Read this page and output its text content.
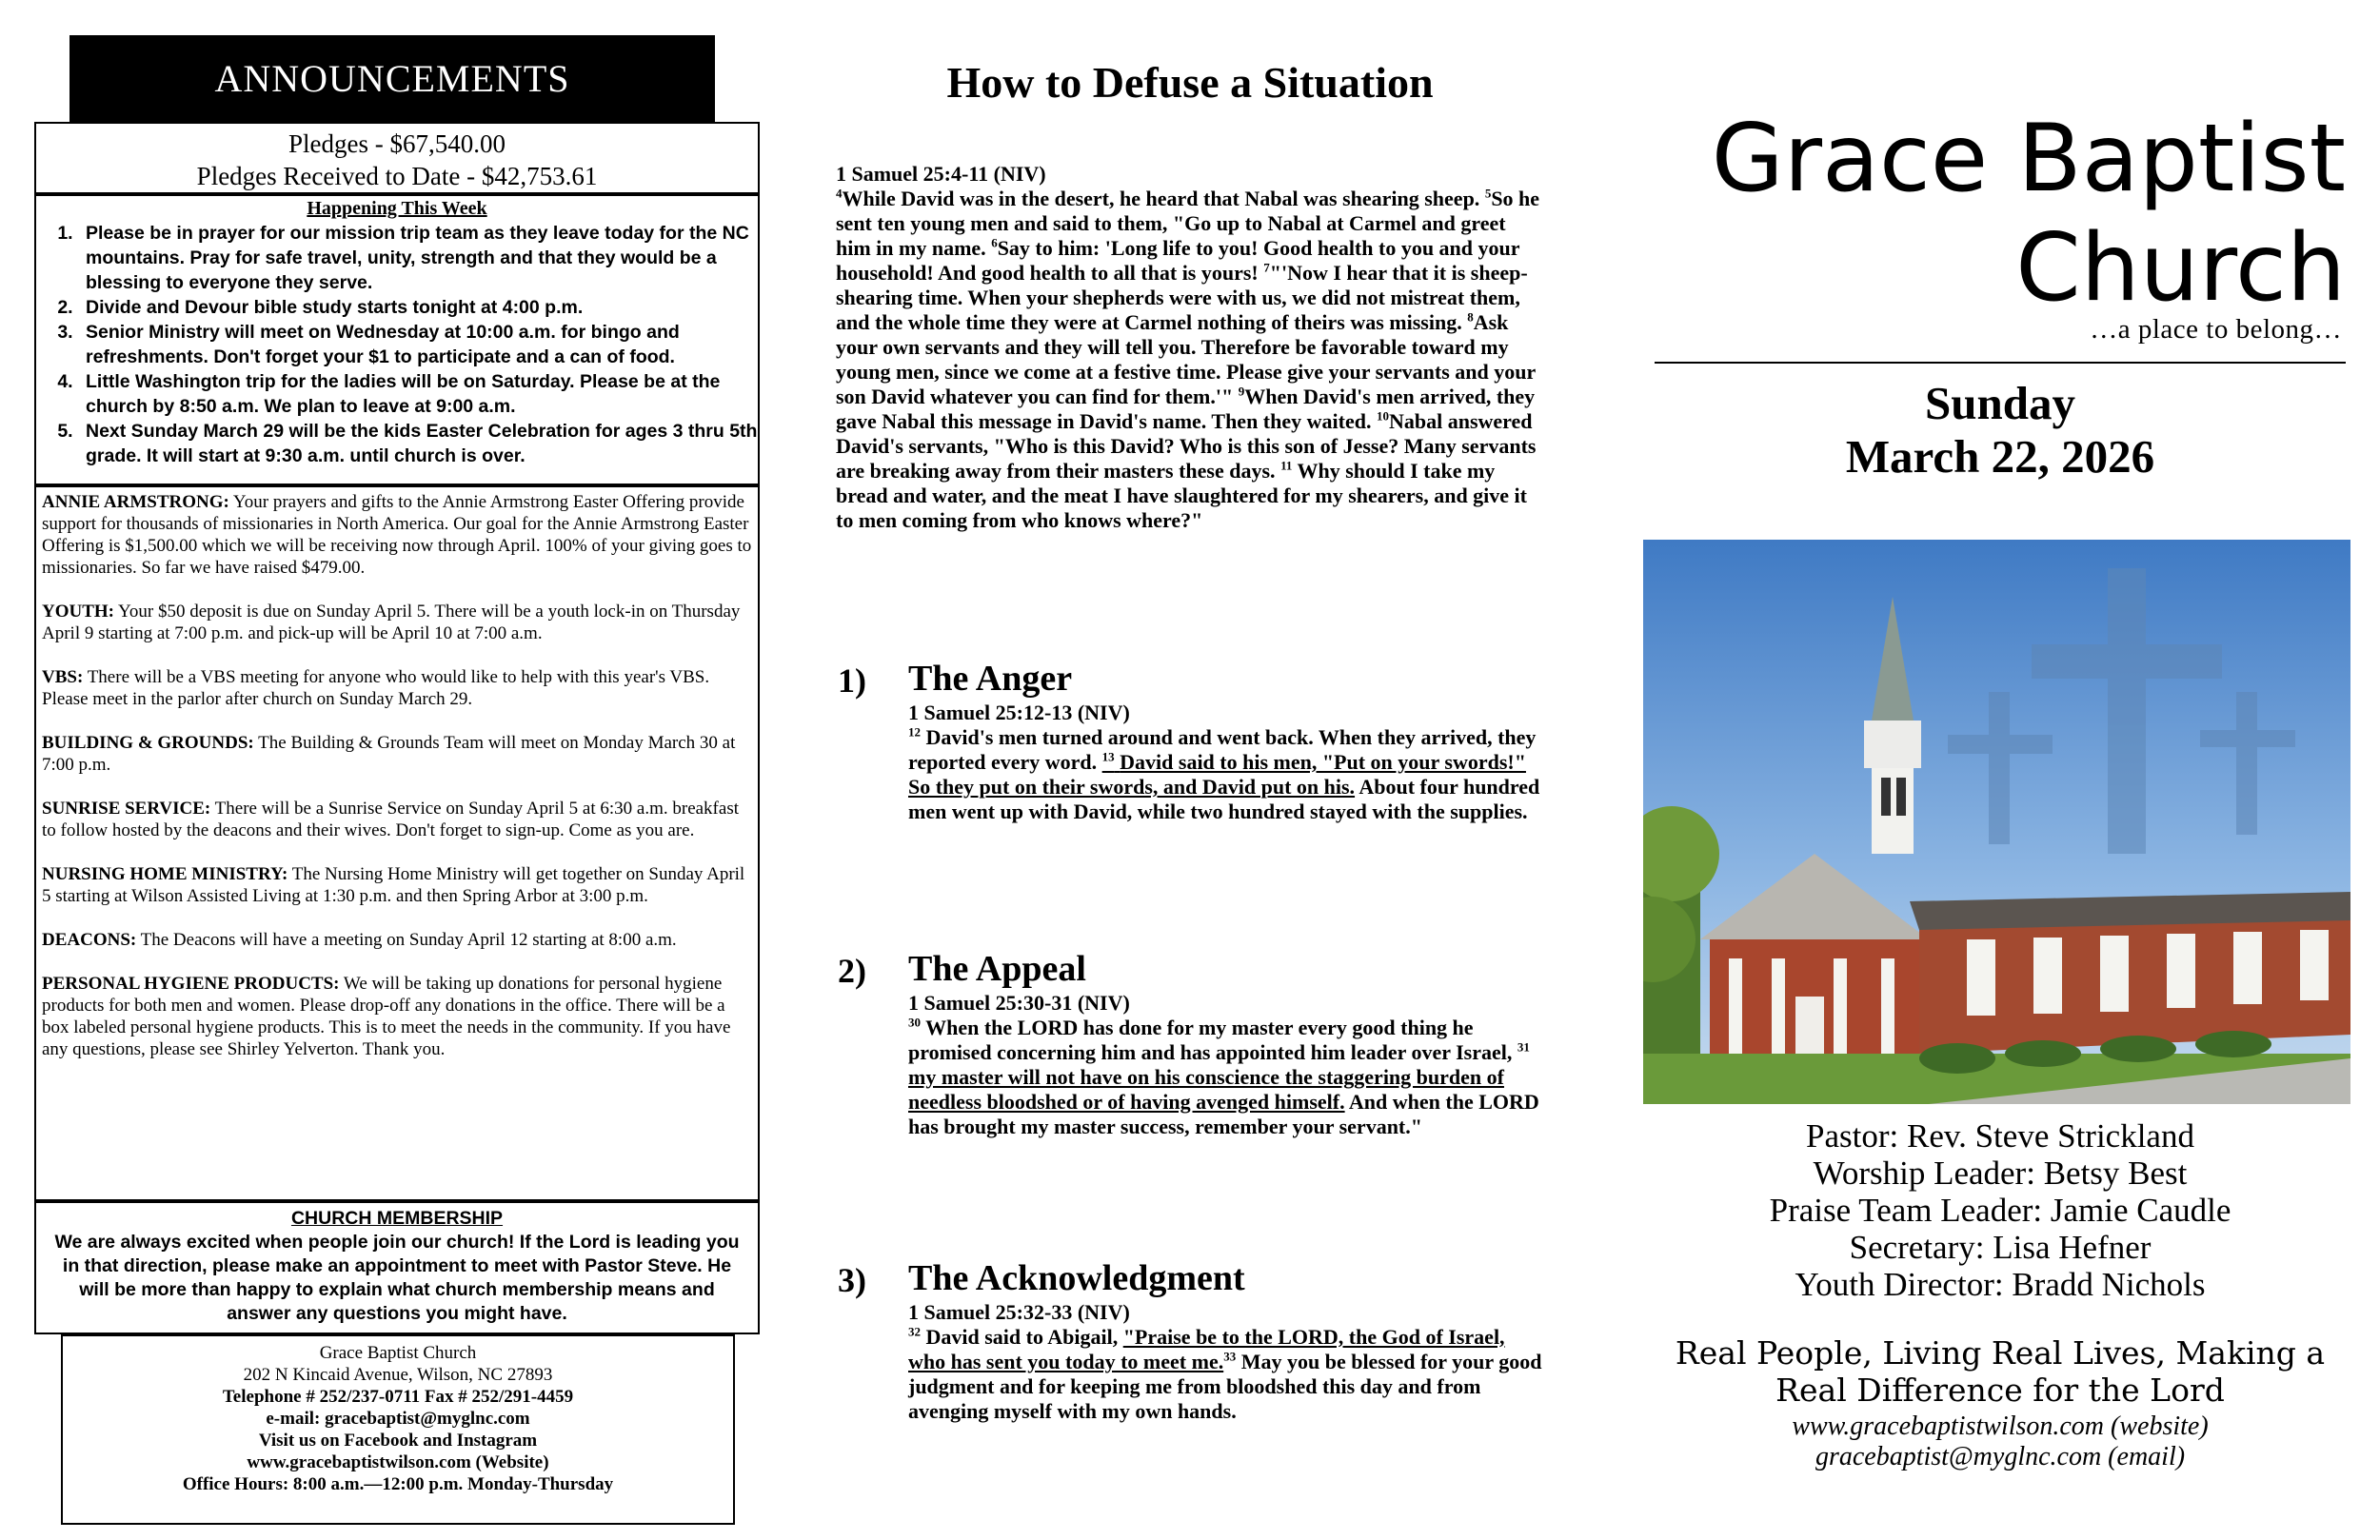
ANNOUNCEMENTS
Pledges - $67,540.00
Pledges Received to Date - $42,753.61
Happening This Week
1. Please be in prayer for our mission trip team as they leave today for the NC mountains. Pray for safe travel, unity, strength and that they would be a blessing to everyone they serve.
2. Divide and Devour bible study starts tonight at 4:00 p.m.
3. Senior Ministry will meet on Wednesday at 10:00 a.m. for bingo and refreshments. Don't forget your $1 to participate and a can of food.
4. Little Washington trip for the ladies will be on Saturday. Please be at the church by 8:50 a.m. We plan to leave at 9:00 a.m.
5. Next Sunday March 29 will be the kids Easter Celebration for ages 3 thru 5th grade. It will start at 9:30 a.m. until church is over.

ANNIE ARMSTRONG: Your prayers and gifts to the Annie Armstrong Easter Offering provide support for thousands of missionaries in North America. Our goal for the Annie Armstrong Easter Offering is $1,500.00 which we will be receiving now through April. 100% of your giving goes to missionaries. So far we have raised $479.00.

YOUTH: Your $50 deposit is due on Sunday April 5. There will be a youth lock-in on Thursday April 9 starting at 7:00 p.m. and pick-up will be April 10 at 7:00 a.m.

VBS: There will be a VBS meeting for anyone who would like to help with this year's VBS. Please meet in the parlor after church on Sunday March 29.

BUILDING & GROUNDS: The Building & Grounds Team will meet on Monday March 30 at 7:00 p.m.

SUNRISE SERVICE: There will be a Sunrise Service on Sunday April 5 at 6:30 a.m. breakfast to follow hosted by the deacons and their wives. Don't forget to sign-up. Come as you are.

NURSING HOME MINISTRY: The Nursing Home Ministry will get together on Sunday April 5 starting at Wilson Assisted Living at 1:30 p.m. and then Spring Arbor at 3:00 p.m.

DEACONS: The Deacons will have a meeting on Sunday April 12 starting at 8:00 a.m.

PERSONAL HYGIENE PRODUCTS: We will be taking up donations for personal hygiene products for both men and women. Please drop-off any donations in the office. There will be a box labeled personal hygiene products. This is to meet the needs in the community. If you have any questions, please see Shirley Yelverton. Thank you.

CHURCH MEMBERSHIP
We are always excited when people join our church! If the Lord is leading you in that direction, please make an appointment to meet with Pastor Steve. He will be more than happy to explain what church membership means and answer any questions you might have.
Grace Baptist Church
202 N Kincaid Avenue, Wilson, NC 27893
Telephone # 252/237-0711 Fax # 252/291-4459
e-mail: gracebaptist@myglnc.com
Visit us on Facebook and Instagram
www.gracebaptistwilson.com (Website)
Office Hours: 8:00 a.m.—12:00 p.m. Monday-Thursday
How to Defuse a Situation
1 Samuel 25:4-11 (NIV)
$^4$While David was in the desert, he heard that Nabal was shearing sheep. $^5$So he sent ten young men and said to them, "Go up to Nabal at Carmel and greet him in my name. $^6$Say to him: 'Long life to you! Good health to you and your household! And good health to all that is yours! $^7$"'Now I hear that it is sheep-shearing time. When your shepherds were with us, we did not mistreat them, and the whole time they were at Carmel nothing of theirs was missing. $^8$Ask your own servants and they will tell you. Therefore be favorable toward my young men, since we come at a festive time. Please give your servants and your son David whatever you can find for them.'" $^9$When David's men arrived, they gave Nabal this message in David's name. Then they waited. $^{10}$Nabal answered David's servants, "Who is this David? Who is this son of Jesse? Many servants are breaking away from their masters these days. $^{11}$ Why should I take my bread and water, and the meat I have slaughtered for my shearers, and give it to men coming from who knows where?"
1) The Anger
1 Samuel 25:12-13 (NIV)
$^{12}$ David's men turned around and went back. When they arrived, they reported every word. $^{13}$ David said to his men, "Put on your swords!" So they put on their swords, and David put on his. About four hundred men went up with David, while two hundred stayed with the supplies.
2) The Appeal
1 Samuel 25:30-31 (NIV)
$^{30}$ When the LORD has done for my master every good thing he promised concerning him and has appointed him leader over Israel, $^{31}$ my master will not have on his conscience the staggering burden of needless bloodshed or of having avenged himself. And when the LORD has brought my master success, remember your servant."
3) The Acknowledgment
1 Samuel 25:32-33 (NIV)
$^{32}$ David said to Abigail, "Praise be to the LORD, the God of Israel, who has sent you today to meet me.$^{33}$ May you be blessed for your good judgment and for keeping me from bloodshed this day and from avenging myself with my own hands.
Grace Baptist
Church
…a place to belong…
Sunday
March 22, 2026
Pastor: Rev. Steve Strickland
Worship Leader: Betsy Best
Praise Team Leader: Jamie Caudle
Secretary: Lisa Hefner
Youth Director: Bradd Nichols
Real People, Living Real Lives, Making a Real Difference for the Lord
www.gracebaptistwilson.com (website)
gracebaptist@myglnc.com (email)
